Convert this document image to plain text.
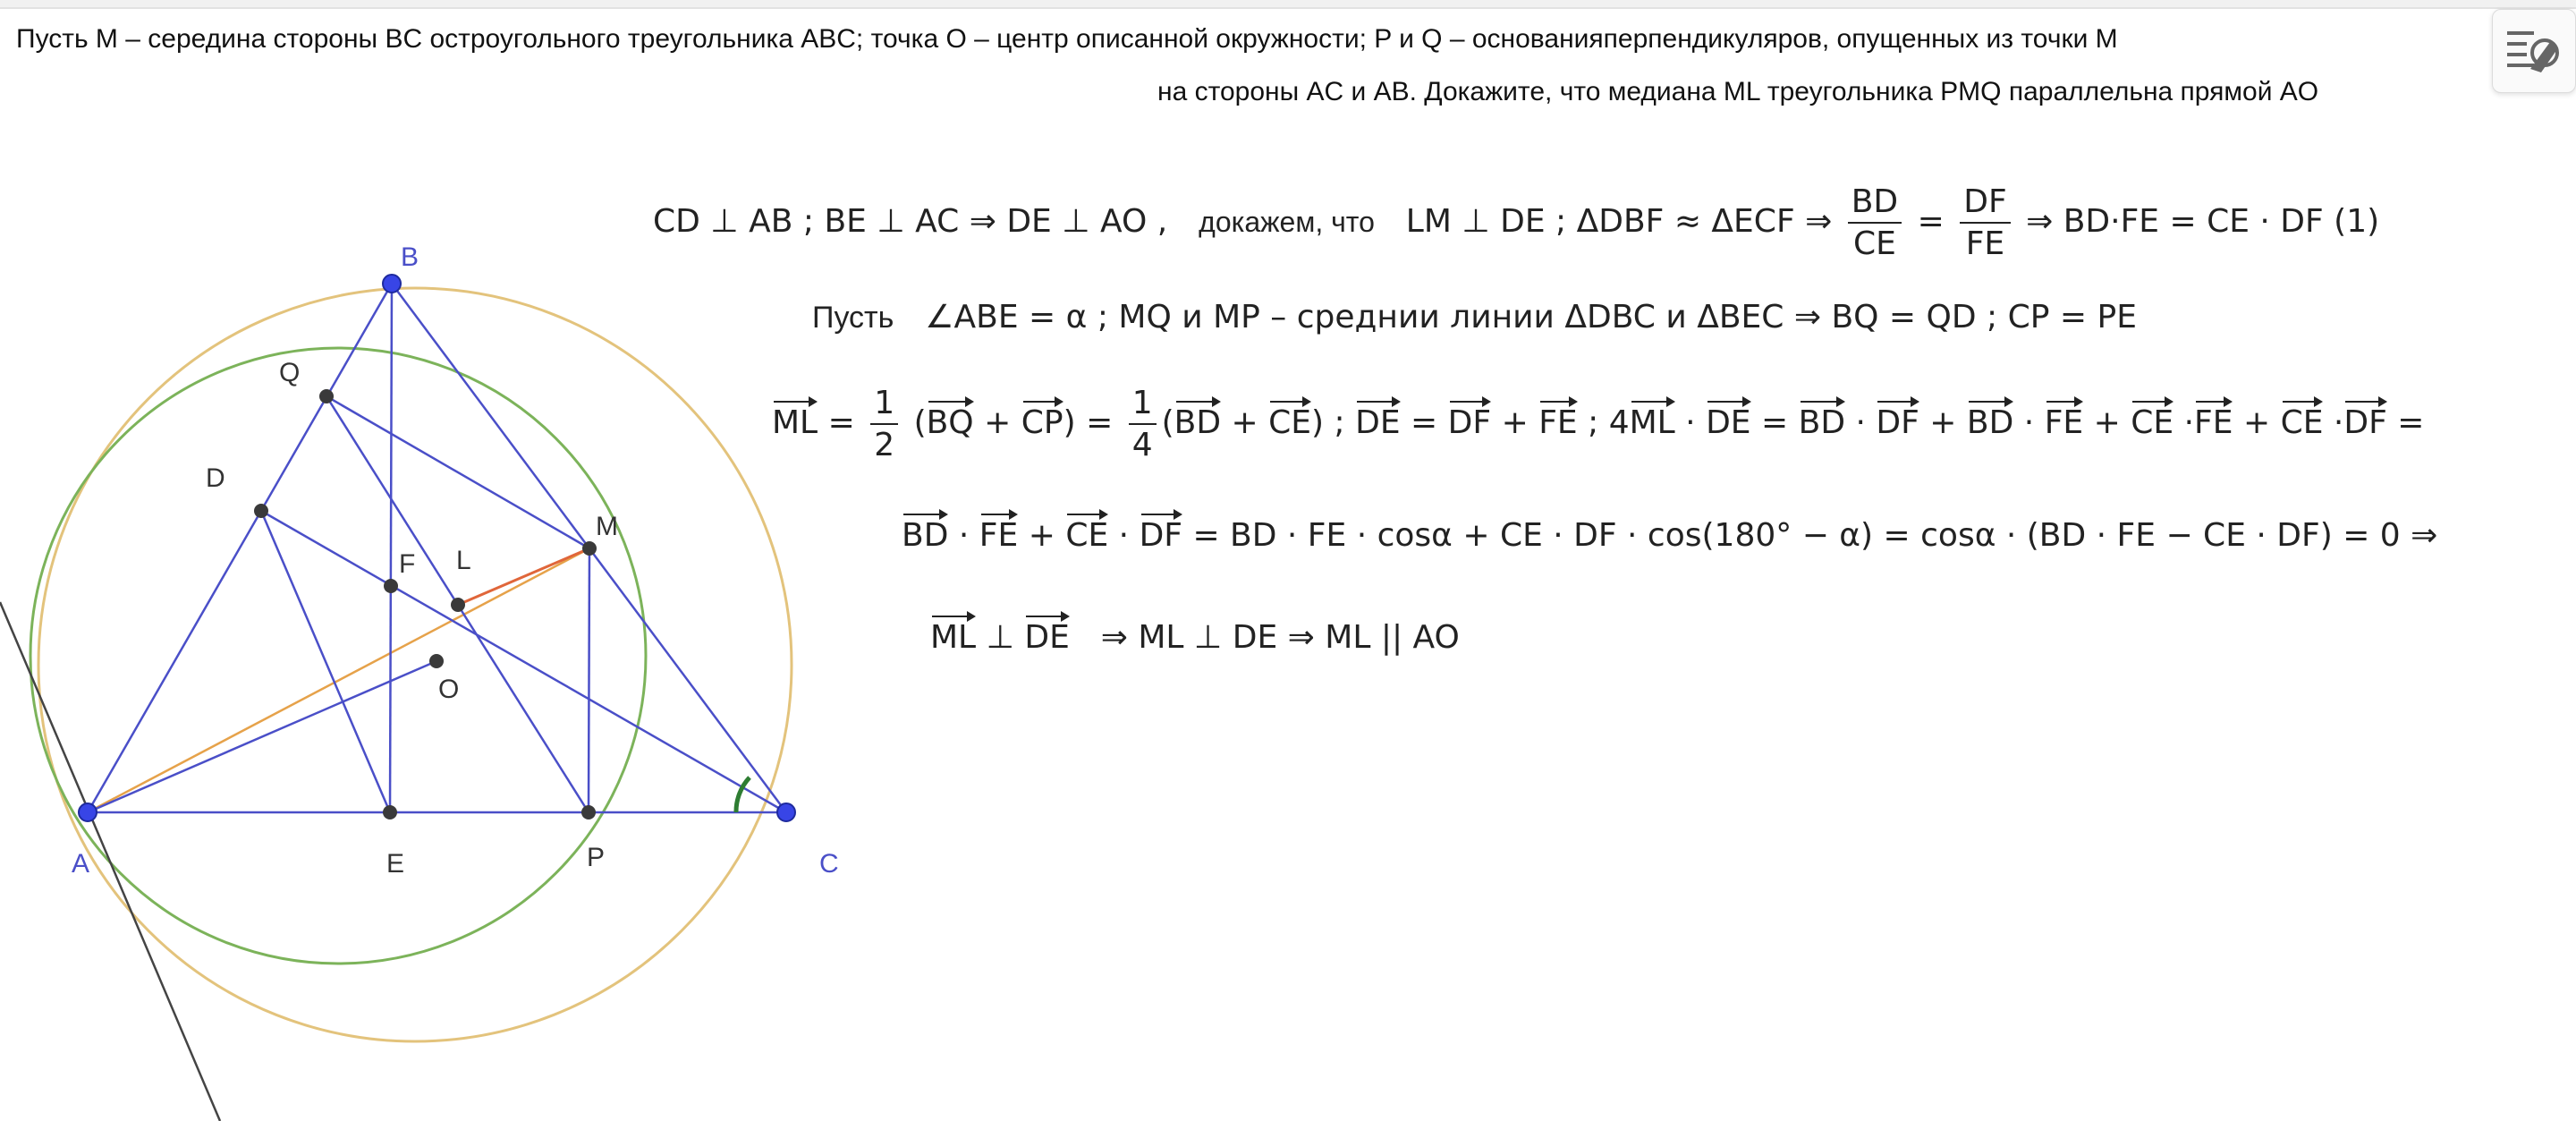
Пусть M – середина стороны BC остроугольного треугольника ABC; точка O – центр описанной окружности; P и Q – основанияперпендикуляров, опущенных из точки M
на стороны AC и AB. Докажите, что медиана ML треугольника PMQ параллельна прямой AO
A
B
C
D
E
F L
M
O
P
Q
CD ⊥ AB ; BE ⊥ AC ⇒ DE ⊥ AO , докажем, что LM ⊥ DE ; ΔDBF ≈ ΔECF ⇒ $\frac{BD}{CE} = \frac{DF}{FE}$ ⇒ BD·FE = CE · DF (1)
Пусть ∠ABE = α ; MQ и MP – среднии линии ΔDBC и ΔBEC ⇒ BQ = QD ; CP = PE
ML = $\frac{1}{2} (BQ + CP) = \frac{1}{4} (BD + CE)$ ; DE = DF + FE ; 4ML · DE = BD · DF + BD · FE + CE ·FE + CE ·DF =
BD · FE + CE · DF = BD · FE · cosα + CE · DF · cos(180° − α) = cosα · (BD · FE − CE · DF) = 0 ⇒
ML ⊥ DE ⇒ ML ⊥ DE ⇒ ML || AO
